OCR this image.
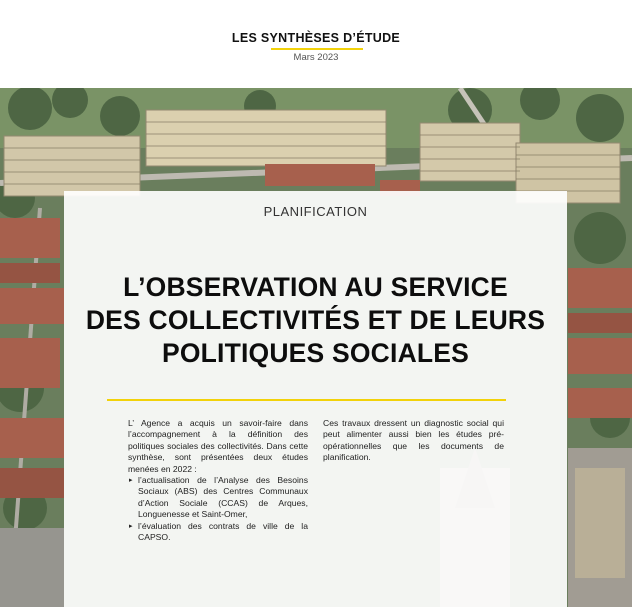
LES SYNTHÈSES D’ÉTUDE
Mars 2023
PLANIFICATION
L’OBSERVATION AU SERVICE
DES COLLECTIVITÉS ET DE LEURS
POLITIQUES SOCIALES

L’ Agence a acquis un savoir-faire dans l’accompagnement à la définition des politiques sociales des collectivités. Dans cette synthèse, sont présentées deux études menées en 2022 :

▸ l’actualisation de l’Analyse des Besoins Sociaux (ABS) des Centres Communaux d’Action Sociale (CCAS) de Arques, Longuenesse et Saint-Omer,
▸ l’évaluation des contrats de ville de la CAPSO.

Ces travaux dressent un diagnostic social qui peut alimenter aussi bien les études pré-opérationnelles que les documents de planification.
